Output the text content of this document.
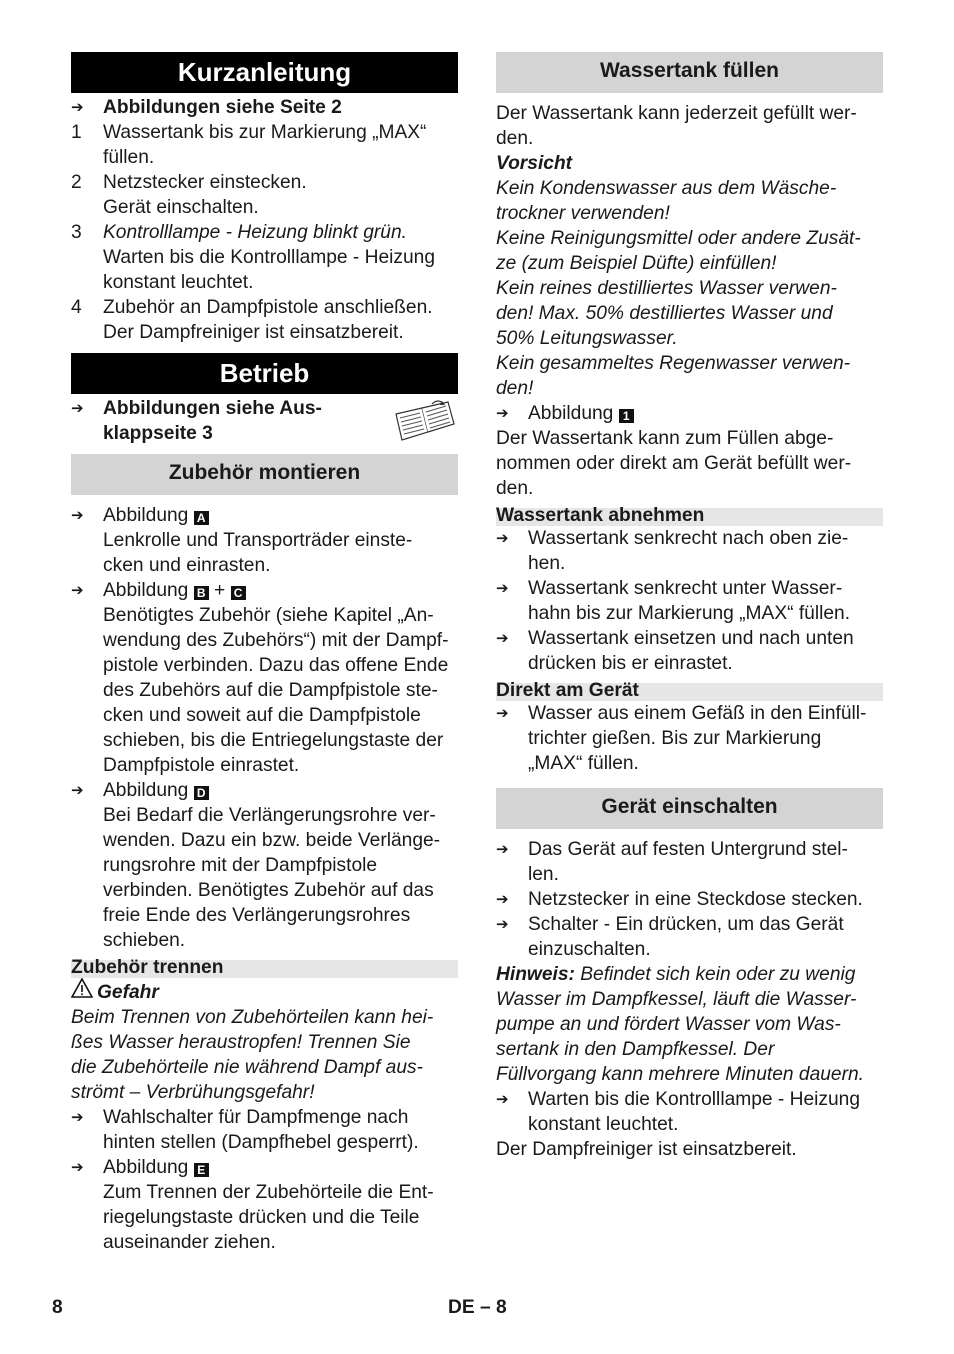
Kurzanleitung
➔	Abbildungen siehe Seite 2
1	Wassertank bis zur Markierung „MAX“
füllen.
2	Netzstecker einstecken.
Gerät einschalten.
3	Kontrolllampe - Heizung blinkt grün.
Warten bis die Kontrolllampe - Heizung
konstant leuchtet.
4	Zubehör an Dampfpistole anschließen.
Der Dampfreiniger ist einsatzbereit.
Betrieb
➔	Abbildungen siehe Aus-
klappseite 3
Zubehör montieren
➔	Abbildung A
Lenkrolle und Transporträder einste-
cken und einrasten.
➔	Abbildung B + C
Benötigtes Zubehör (siehe Kapitel „An-
wendung des Zubehörs“) mit der Dampf-
pistole verbinden. Dazu das offene Ende
des Zubehörs auf die Dampfpistole ste-
cken und soweit auf die Dampfpistole
schieben, bis die Entriegelungstaste der
Dampfpistole einrastet.
➔	Abbildung D
Bei Bedarf die Verlängerungsrohre ver-
wenden. Dazu ein bzw. beide Verlänge-
rungsrohre mit der Dampfpistole
verbinden. Benötigtes Zubehör auf das
freie Ende des Verlängerungsrohres
schieben.
Zubehör trennen
Gefahr
Beim Trennen von Zubehörteilen kann hei-
ßes Wasser heraustropfen! Trennen Sie
die Zubehörteile nie während Dampf aus-
strömt – Verbrühungsgefahr!
➔	Wahlschalter für Dampfmenge nach
hinten stellen (Dampfhebel gesperrt).
➔	Abbildung E
Zum Trennen der Zubehörteile die Ent-
riegelungstaste drücken und die Teile
auseinander ziehen.
Wassertank füllen
Der Wassertank kann jederzeit gefüllt wer-
den.
Vorsicht
Kein Kondenswasser aus dem Wäsche-
trockner verwenden!
Keine Reinigungsmittel oder andere Zusät-
ze (zum Beispiel Düfte) einfüllen!
Kein reines destilliertes Wasser verwen-
den! Max. 50% destilliertes Wasser und
50% Leitungswasser.
Kein gesammeltes Regenwasser verwen-
den!
➔	Abbildung 1
Der Wassertank kann zum Füllen abge-
nommen oder direkt am Gerät befüllt wer-
den.
Wassertank abnehmen
➔	Wassertank senkrecht nach oben zie-
hen.
➔	Wassertank senkrecht unter Wasser-
hahn bis zur Markierung „MAX“ füllen.
➔	Wassertank einsetzen und nach unten
drücken bis er einrastet.
Direkt am Gerät
➔	Wasser aus einem Gefäß in den Einfüll-
trichter gießen. Bis zur Markierung
„MAX“ füllen.
Gerät einschalten
➔	Das Gerät auf festen Untergrund stel-
len.
➔	Netzstecker in eine Steckdose stecken.
➔	Schalter - Ein drücken, um das Gerät
einzuschalten.
Hinweis: Befindet sich kein oder zu wenig
Wasser im Dampfkessel, läuft die Wasser-
pumpe an und fördert Wasser vom Was-
sertank in den Dampfkessel. Der
Füllvorgang kann mehrere Minuten dauern.
➔	Warten bis die Kontrolllampe - Heizung
konstant leuchtet.
Der Dampfreiniger ist einsatzbereit.
8	DE – 8
